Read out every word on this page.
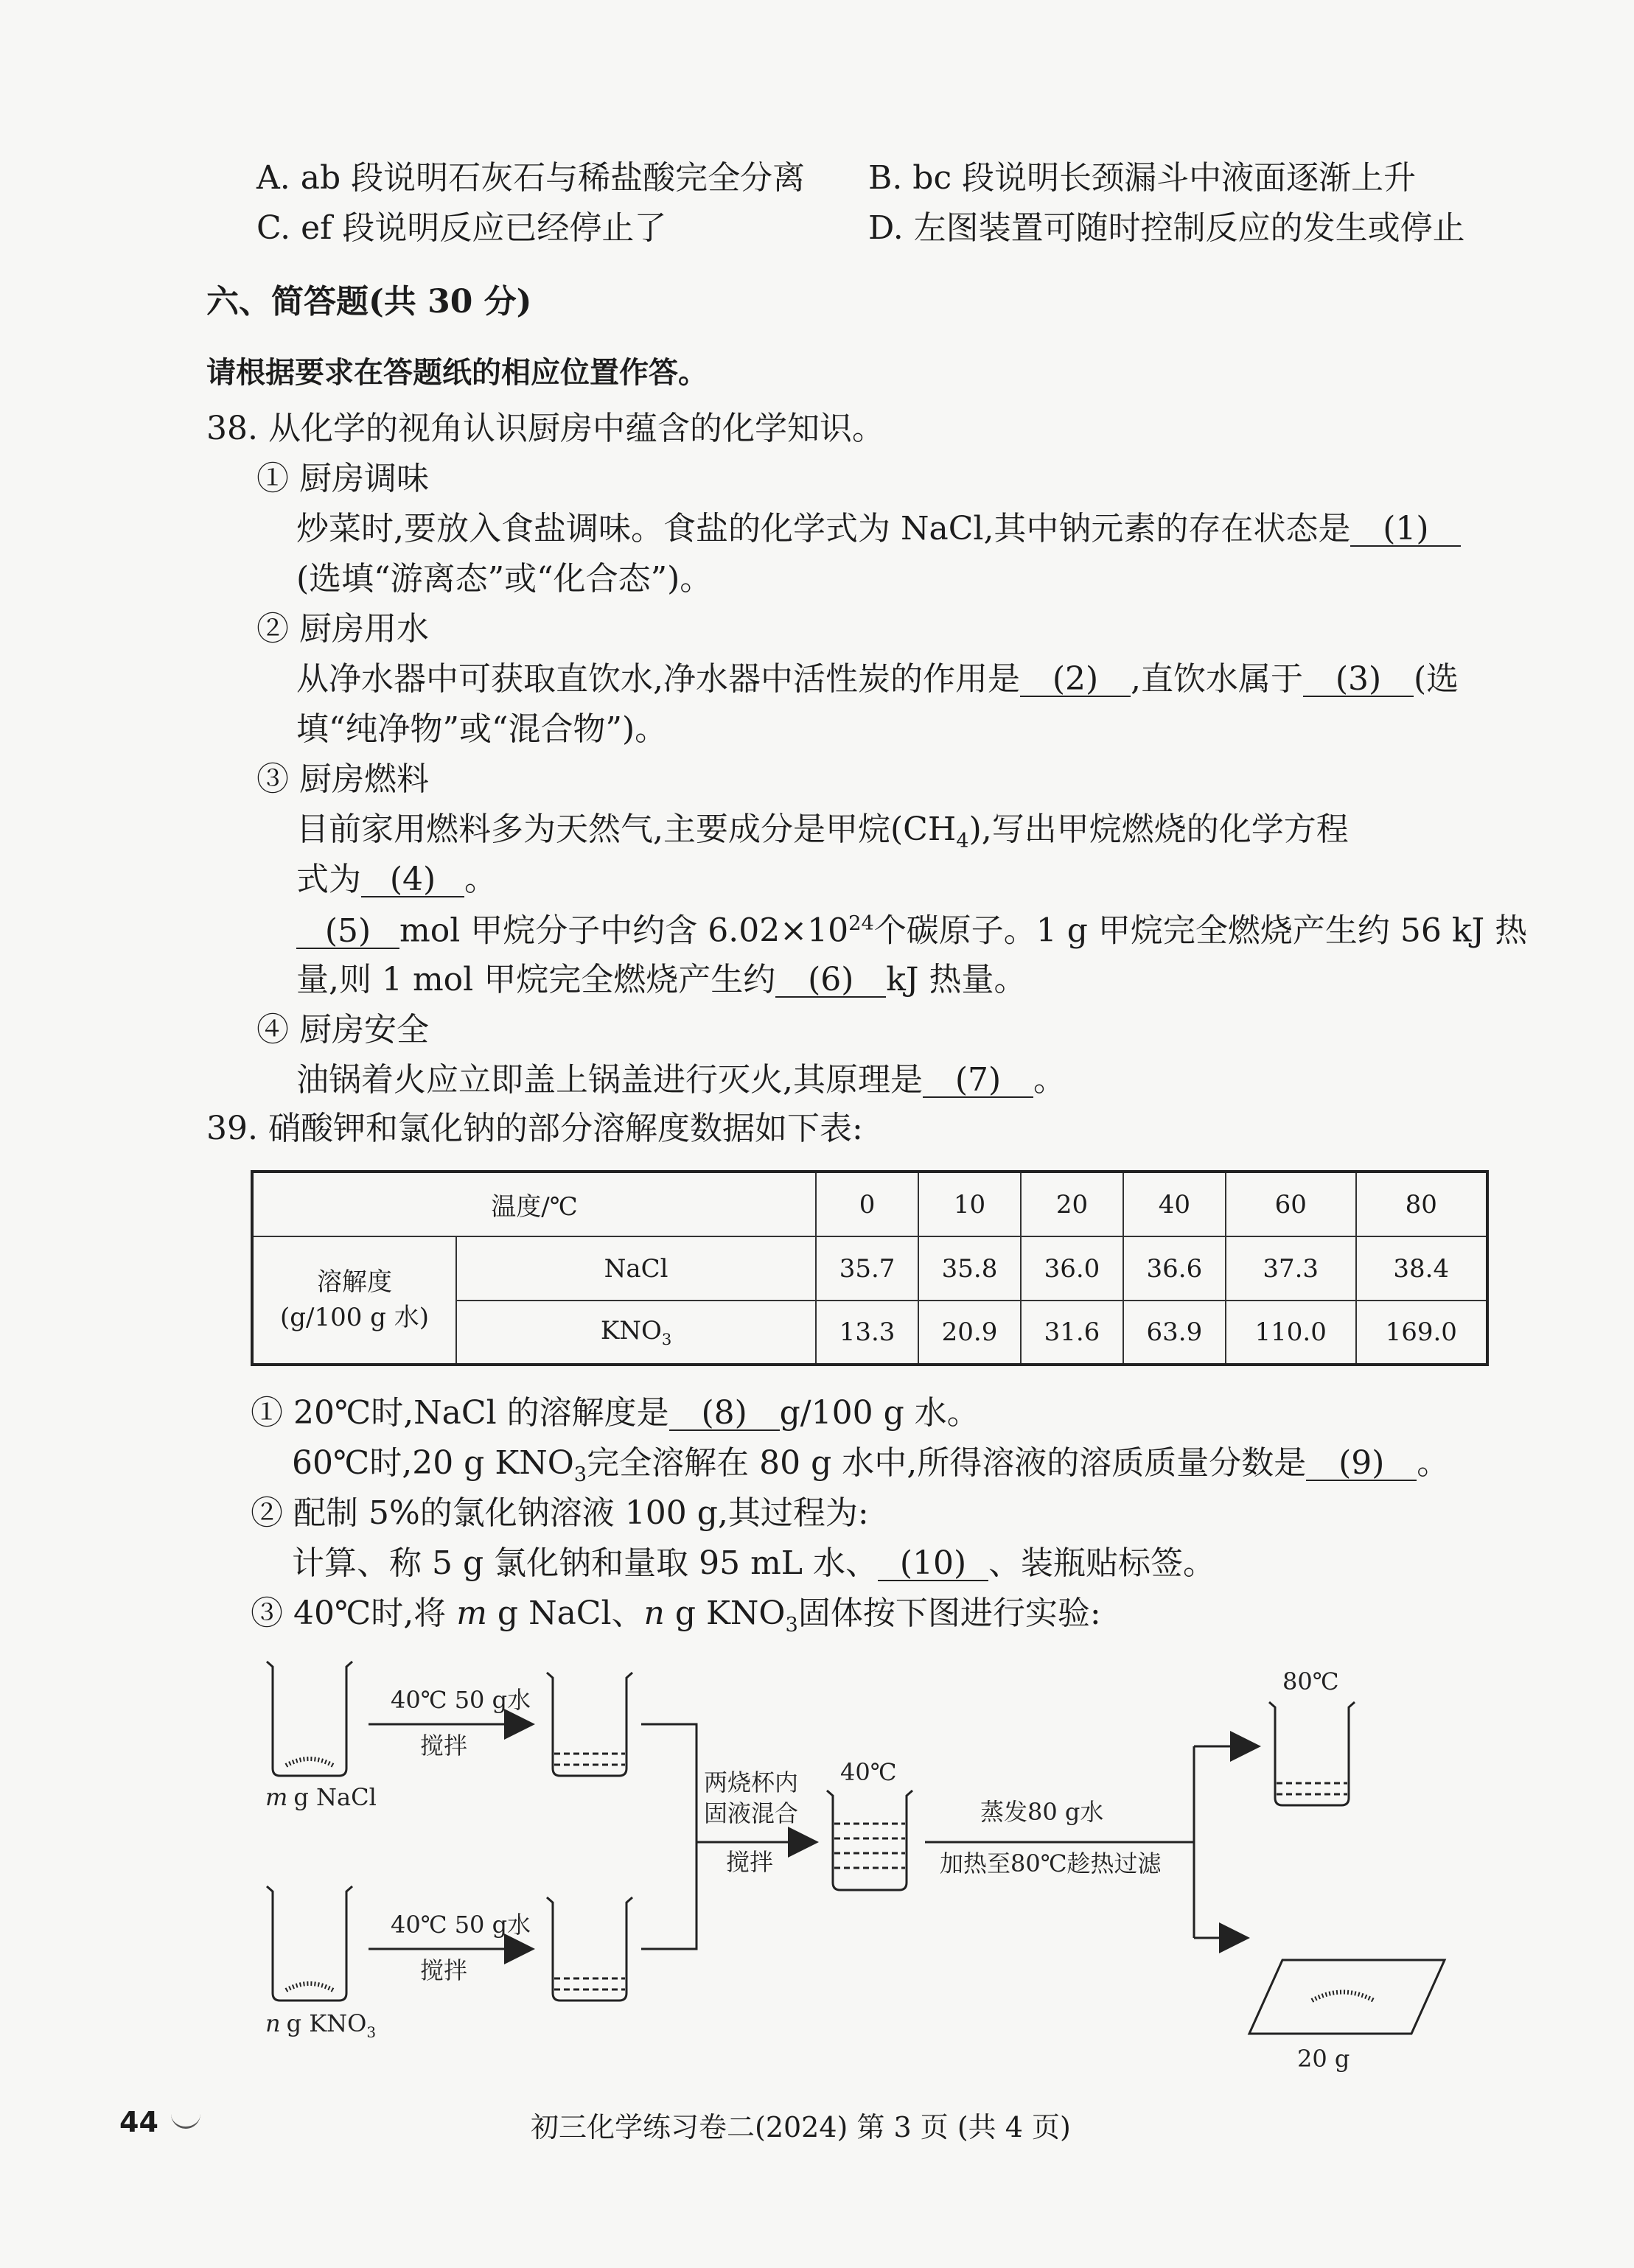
A. ab 段说明石灰石与稀盐酸完全分离 B. bc 段说明长颈漏斗中液面逐渐上升
C. ef 段说明反应已经停止了	D. 左图装置可随时控制反应的发生或停止
六、简答题(共 30 分)
请根据要求在答题纸的相应位置作答。
38. 从化学的视角认识厨房中蕴含的化学知识。
① 厨房调味
炒菜时,要放入食盐调味。食盐的化学式为 NaCl,其中钠元素的存在状态是 (1)
(选填“游离态”或“化合态”)。
② 厨房用水
从净水器中可获取直饮水,净水器中活性炭的作用是 (2) ,直饮水属于 (3) (选
填“纯净物”或“混合物”)。
③ 厨房燃料
目前家用燃料多为天然气,主要成分是甲烷$(CH_4)$,写出甲烷燃烧的化学方程
式为 (4) 。
(5) mol 甲烷分子中约含 $6.02\times 10^{24}$个碳原子。1 g 甲烷完全燃烧产生约 56 kJ 热
量,则 1 mol 甲烷完全燃烧产生约 (6) kJ 热量。
④ 厨房安全
油锅着火应立即盖上锅盖进行灭火,其原理是 (7) 。
39. 硝酸钾和氯化钠的部分溶解度数据如下表:
温度/℃		0	10	20	40	60	80

溶解度
(g/100 g 水)	NaCl	35.7	35.8	36.0	36.6	37.3	38.4
	$KNO_3$	13.3	20.9	31.6	63.9	110.0	169.0
① 20℃时,NaCl 的溶解度是 (8) g/100 g 水。
60℃时,20 g $KNO_3$完全溶解在 80 g 水中,所得溶液的溶质质量分数是 (9) 。
② 配制 5%的氯化钠溶液 100 g,其过程为:
计算、称 5 g 氯化钠和量取 95 mL 水、 (10) 、装瓶贴标签。
③ 40℃时,将 m g NaCl、n g $KNO_3$固体按下图进行实验:
40℃ 50 g水
搅拌
m g NaCl
40℃ 50 g水
搅拌
n g $KNO_3$
两烧杯内
固液混合
搅拌
40℃
蒸发80 g水
加热至80℃趁热过滤
80℃
20 g
44	初三化学练习卷二(2024) 第 3 页 (共 4 页)
